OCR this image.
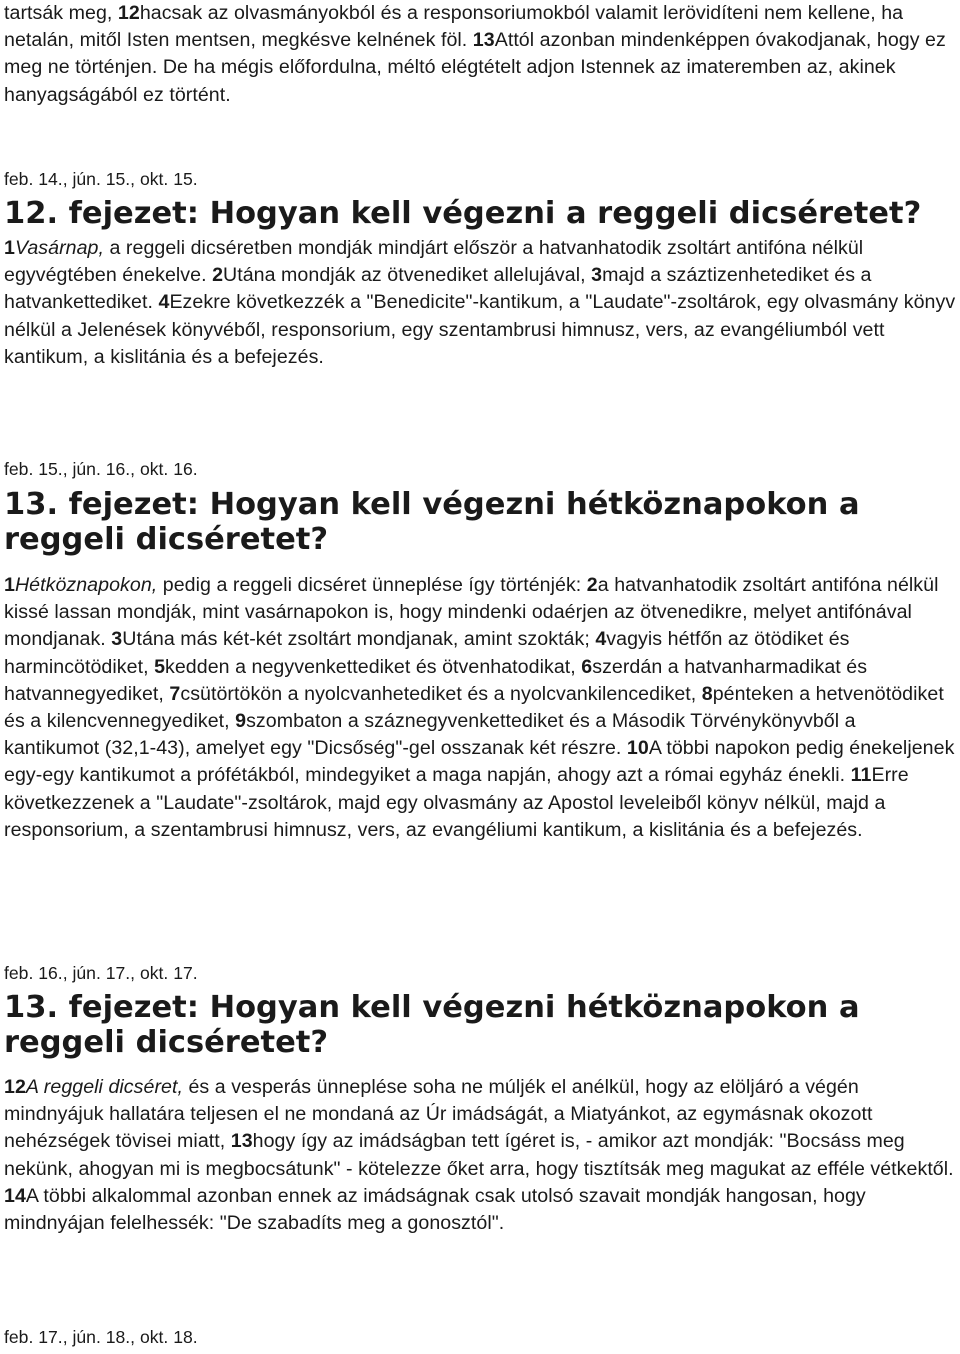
tartsák meg, 12hacsak az olvasmányokból és a responsoriumokból valamit lerövidíteni nem kellene, ha netalán, mitől Isten mentsen, megkésve kelnének föl. 13Attól azonban mindenképpen óvakodjanak, hogy ez meg ne történjen. De ha mégis előfordulna, méltó elégtételt adjon Istennek az imateremben az, akinek hanyagságából ez történt.

feb. 14., jún. 15., okt. 15.
12. fejezet: Hogyan kell végezni a reggeli dicséretet?

1Vasárnap, a reggeli dicséretben mondják mindjárt először a hatvanhatodik zsoltárt antifóna nélkül egyvégtében énekelve. 2Utána mondják az ötvenediket allelujával, 3majd a száztizenhetediket és a hatvankettediket. 4Ezekre következzék a "Benedicite"-kantikum, a "Laudate"-zsoltárok, egy olvasmány könyv nélkül a Jelenések könyvéből, responsorium, egy szentambrusi himnusz, vers, az evangéliumból vett kantikum, a kislitánia és a befejezés.

feb. 15., jún. 16., okt. 16.
13. fejezet: Hogyan kell végezni hétköznapokon a reggeli dicséretet?

1Hétköznapokon, pedig a reggeli dicséret ünneplése így történjék: 2a hatvanhatodik zsoltárt antifóna nélkül kissé lassan mondják, mint vasárnapokon is, hogy mindenki odaérjen az ötvenedikre, melyet antifónával mondjanak. 3Utána más két-két zsoltárt mondjanak, amint szokták; 4vagyis hétfőn az ötödiket és harmincötödiket, 5kedden a negyvenkettediket és ötvenhatodikat, 6szerdán a hatvanharmadikat és hatvannegyediket, 7csütörtökön a nyolcvanhetediket és a nyolcvankilencediket, 8pénteken a hetvenötödiket és a kilencvennegyediket, 9szombaton a száznegyvenkettediket és a Második Törvénykönyvből a kantikumot (32,1-43), amelyet egy "Dicsőség"-gel osszanak két részre. 10A többi napokon pedig énekeljenek egy-egy kantikumot a prófétákból, mindegyiket a maga napján, ahogy azt a római egyház énekli. 11Erre következzenek a "Laudate"-zsoltárok, majd egy olvasmány az Apostol leveleiből könyv nélkül, majd a responsorium, a szentambrusi himnusz, vers, az evangéliumi kantikum, a kislitánia és a befejezés.

feb. 16., jún. 17., okt. 17.
13. fejezet: Hogyan kell végezni hétköznapokon a reggeli dicséretet?

12A reggeli dicséret, és a vesperás ünneplése soha ne múljék el anélkül, hogy az elöljáró a végén mindnyájuk hallatára teljesen el ne mondaná az Úr imádságát, a Miatyánkot, az egymásnak okozott nehézségek tövisei miatt, 13hogy így az imádságban tett ígéret is, - amikor azt mondják: "Bocsáss meg nekünk, ahogyan mi is megbocsátunk" - kötelezze őket arra, hogy tisztítsák meg magukat az efféle vétkektől. 14A többi alkalommal azonban ennek az imádságnak csak utolsó szavait mondják hangosan, hogy mindnyájan felelhessék: "De szabadíts meg a gonosztól".

feb. 17., jún. 18., okt. 18.
